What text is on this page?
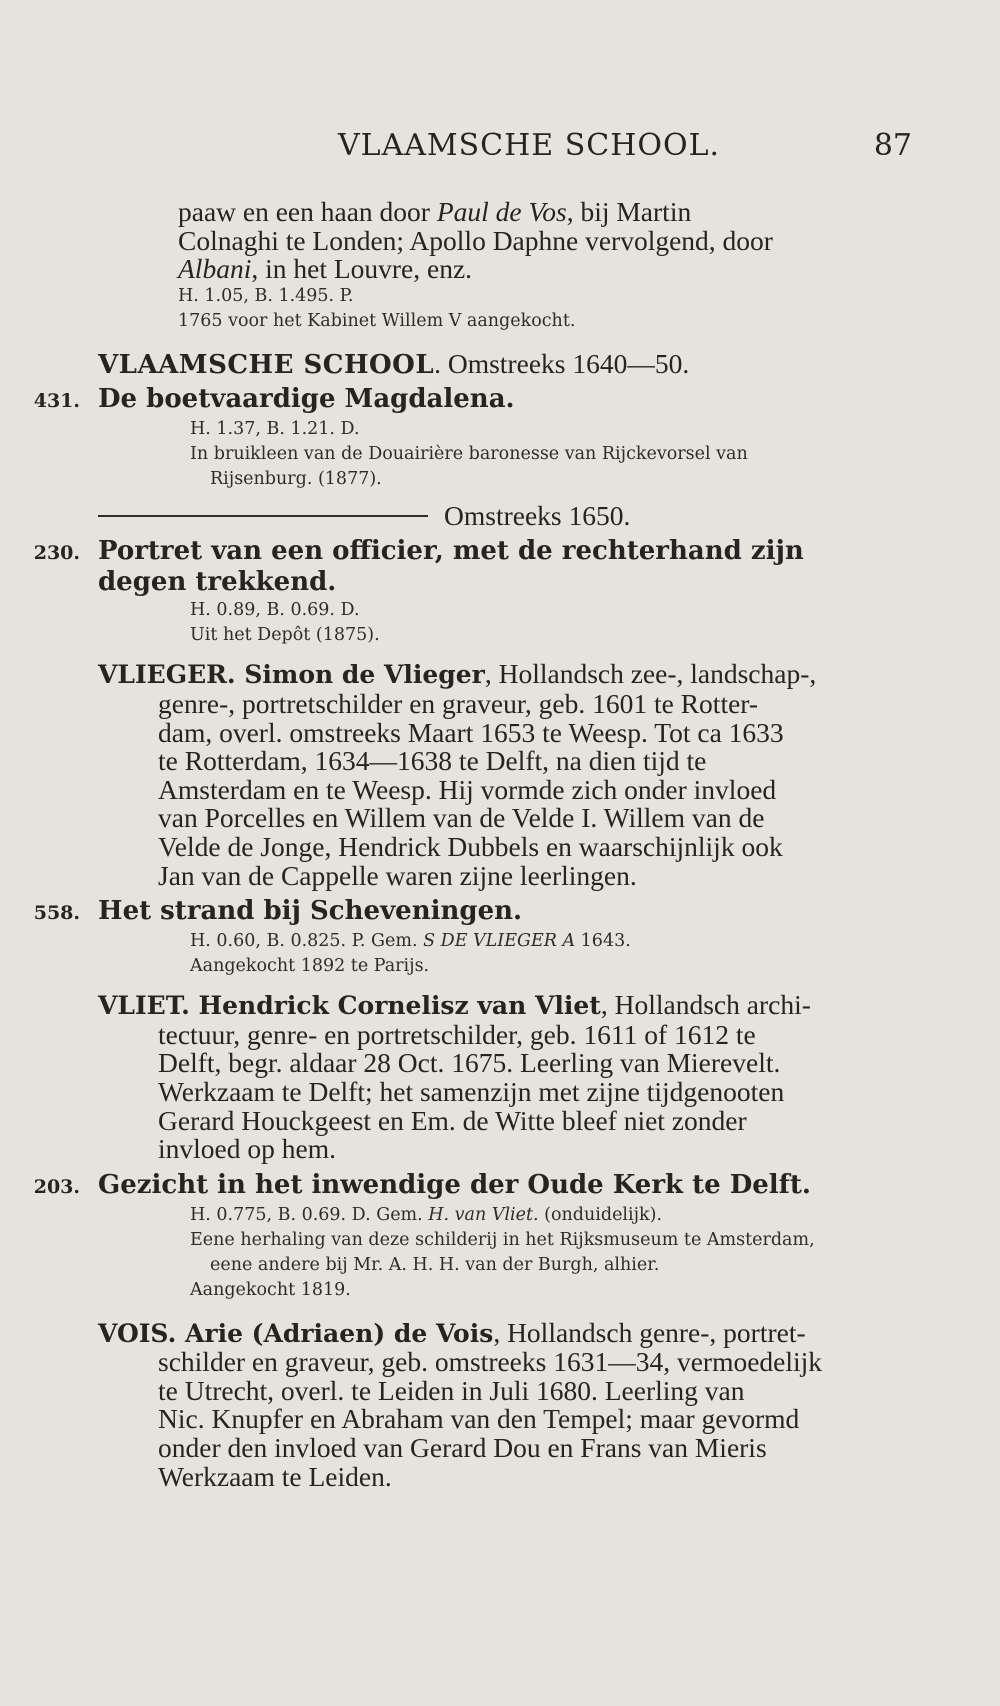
VLAAMSCHE SCHOOL.	87
paaw en een haan door Paul de Vos, bij Martin
Colnaghi te Londen; Apollo Daphne vervolgend, door
Albani, in het Louvre, enz.
H. 1.05, B. 1.495. P.
1765 voor het Kabinet Willem V aangekocht.
VLAAMSCHE SCHOOL. Omstreeks 1640—50.
431. De boetvaardige Magdalena.
H. 1.37, B. 1.21. D.
In bruikleen van de Douairière baronesse van Rijckevorsel van
Rijsenburg. (1877).
Omstreeks 1650.
230. Portret van een officier, met de rechterhand zijn
degen trekkend.
H. 0.89, B. 0.69. D.
Uit het Depôt (1875).
VLIEGER. Simon de Vlieger, Hollandsch zee-, landschap-,
genre-, portretschilder en graveur, geb. 1601 te Rotter-
dam, overl. omstreeks Maart 1653 te Weesp. Tot ca 1633
te Rotterdam, 1634—1638 te Delft, na dien tijd te
Amsterdam en te Weesp. Hij vormde zich onder invloed
van Porcelles en Willem van de Velde I. Willem van de
Velde de Jonge, Hendrick Dubbels en waarschijnlijk ook
Jan van de Cappelle waren zijne leerlingen.
558. Het strand bij Scheveningen.
H. 0.60, B. 0.825. P. Gem. S DE VLIEGER A 1643.
Aangekocht 1892 te Parijs.
VLIET. Hendrick Cornelisz van Vliet, Hollandsch archi-
tectuur, genre- en portretschilder, geb. 1611 of 1612 te
Delft, begr. aldaar 28 Oct. 1675. Leerling van Mierevelt.
Werkzaam te Delft; het samenzijn met zijne tijdgenooten
Gerard Houckgeest en Em. de Witte bleef niet zonder
invloed op hem.
203. Gezicht in het inwendige der Oude Kerk te Delft.
H. 0.775, B. 0.69. D. Gem. H. van Vliet. (onduidelijk).
Eene herhaling van deze schilderij in het Rijksmuseum te Amsterdam,
eene andere bij Mr. A. H. H. van der Burgh, alhier.
Aangekocht 1819.
VOIS. Arie (Adriaen) de Vois, Hollandsch genre-, portret-
schilder en graveur, geb. omstreeks 1631—34, vermoedelijk
te Utrecht, overl. te Leiden in Juli 1680. Leerling van
Nic. Knupfer en Abraham van den Tempel; maar gevormd
onder den invloed van Gerard Dou en Frans van Mieris
Werkzaam te Leiden.
